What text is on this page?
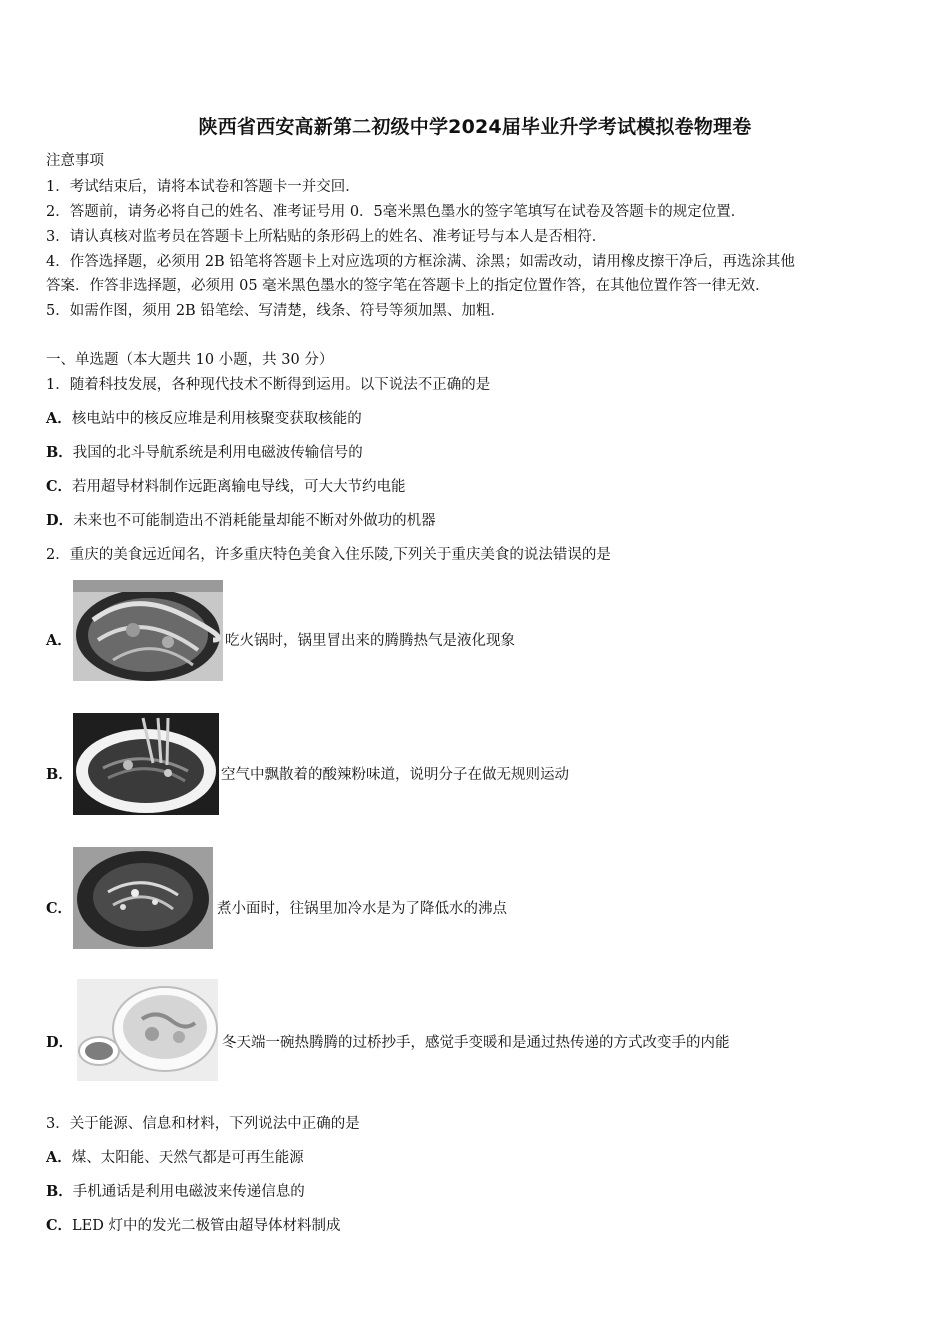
陕西省西安高新第二初级中学2024届毕业升学考试模拟卷物理卷
注意事项
1．考试结束后，请将本试卷和答题卡一并交回．
2．答题前，请务必将自己的姓名、准考证号用 0．5毫米黑色墨水的签字笔填写在试卷及答题卡的规定位置．
3．请认真核对监考员在答题卡上所粘贴的条形码上的姓名、准考证号与本人是否相符．
4．作答选择题，必须用 2B 铅笔将答题卡上对应选项的方框涂满、涂黑；如需改动，请用橡皮擦干净后，再选涂其他
答案．作答非选择题，必须用 05 毫米黑色墨水的签字笔在答题卡上的指定位置作答，在其他位置作答一律无效．
5．如需作图，须用 2B 铅笔绘、写清楚，线条、符号等须加黑、加粗．
一、单选题（本大题共 10 小题，共 30 分）
1．随着科技发展，各种现代技术不断得到运用。以下说法不正确的是
A．核电站中的核反应堆是利用核聚变获取核能的
B．我国的北斗导航系统是利用电磁波传输信号的
C．若用超导材料制作远距离输电导线，可大大节约电能
D．未来也不可能制造出不消耗能量却能不断对外做功的机器
2．重庆的美食远近闻名，许多重庆特色美食入住乐陵,下列关于重庆美食的说法错误的是
A．	吃火锅时，锅里冒出来的腾腾热气是液化现象
B．	空气中飘散着的酸辣粉味道，说明分子在做无规则运动
C．	煮小面时，往锅里加冷水是为了降低水的沸点
D．	冬天端一碗热腾腾的过桥抄手，感觉手变暖和是通过热传递的方式改变手的内能
3．关于能源、信息和材料，下列说法中正确的是
A．煤、太阳能、天然气都是可再生能源
B．手机通话是利用电磁波来传递信息的
C．LED 灯中的发光二极管由超导体材料制成
